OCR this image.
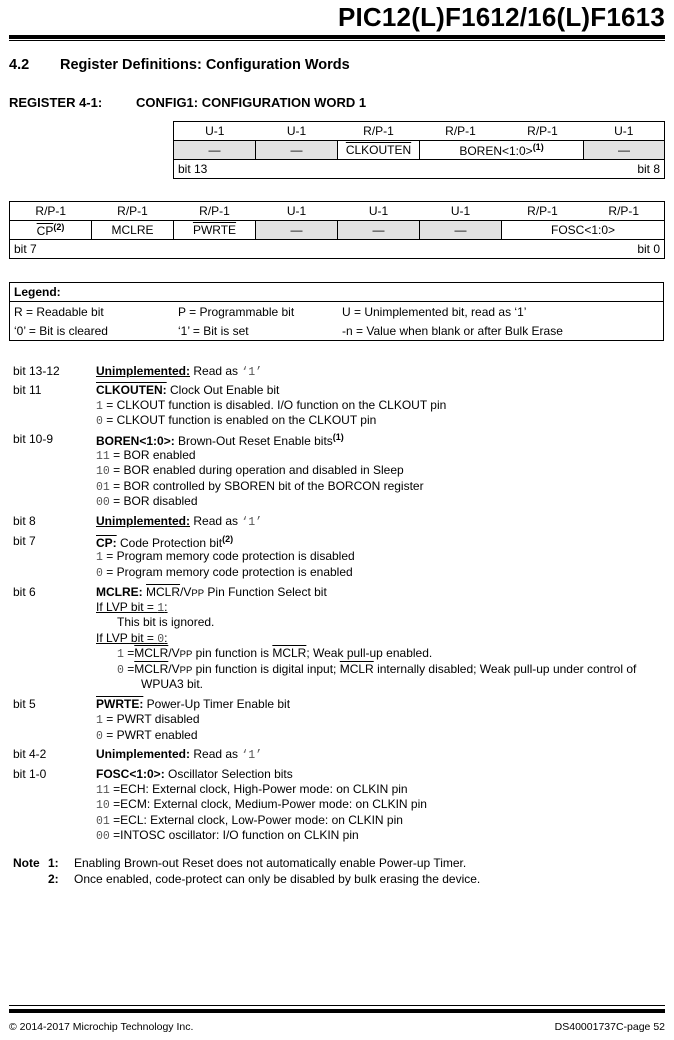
PIC12(L)F1612/16(L)F1613
4.2 Register Definitions: Configuration Words
REGISTER 4-1:	CONFIG1: CONFIGURATION WORD 1
U-1	U-1	R/P-1	R/P-1	R/P-1	U-1
—	—	CLKOUTEN	BOREN<1:0>$^{(1)}$		—

bit 13 bit 8					
R/P-1	R/P-1	R/P-1	U-1	U-1	U-1	R/P-1	R/P-1
$\overline{CP}^{(2)}$	MCLRE	PWRTE	—	—	—	FOSC<1:0>	

bit 7 bit 0							
Legend:
R = Readable bit	P = Programmable bit	U = Unimplemented bit, read as ‘1’
‘0’ = Bit is cleared	‘1’ = Bit is set	-n = Value when blank or after Bulk Erase
bit 13-12	Unimplemented: Read as ‘1’
bit 11	CLKOUTEN: Clock Out Enable bit
1 = CLKOUT function is disabled. I/O function on the CLKOUT pin
0 = CLKOUT function is enabled on the CLKOUT pin
bit 10-9	BOREN<1:0>: Brown-Out Reset Enable bits$^{(1)}$
11 = BOR enabled
10 = BOR enabled during operation and disabled in Sleep
01 = BOR controlled by SBOREN bit of the BORCON register
00 = BOR disabled
bit 8	Unimplemented: Read as ‘1’
bit 7	CP: Code Protection bit$^{(2)}$
1 = Program memory code protection is disabled
0 = Program memory code protection is enabled
bit 6	MCLRE: MCLR/VPP Pin Function Select bit
If LVP bit = 1:
This bit is ignored.
If LVP bit = 0:
1 =MCLR/VPP pin function is MCLR; Weak pull-up enabled.
0 =MCLR/VPP pin function is digital input; MCLR internally disabled; Weak pull-up under control of
WPUA3 bit.
bit 5	PWRTE: Power-Up Timer Enable bit
1 = PWRT disabled
0 = PWRT enabled
bit 4-2	Unimplemented: Read as ‘1’
bit 1-0	FOSC<1:0>: Oscillator Selection bits
11 =ECH: External clock, High-Power mode: on CLKIN pin
10 =ECM: External clock, Medium-Power mode: on CLKIN pin
01 =ECL: External clock, Low-Power mode: on CLKIN pin
00 =INTOSC oscillator: I/O function on CLKIN pin
Note 1: Enabling Brown-out Reset does not automatically enable Power-up Timer.
2: Once enabled, code-protect can only be disabled by bulk erasing the device.
© 2014-2017 Microchip Technology Inc.	DS40001737C-page 52
